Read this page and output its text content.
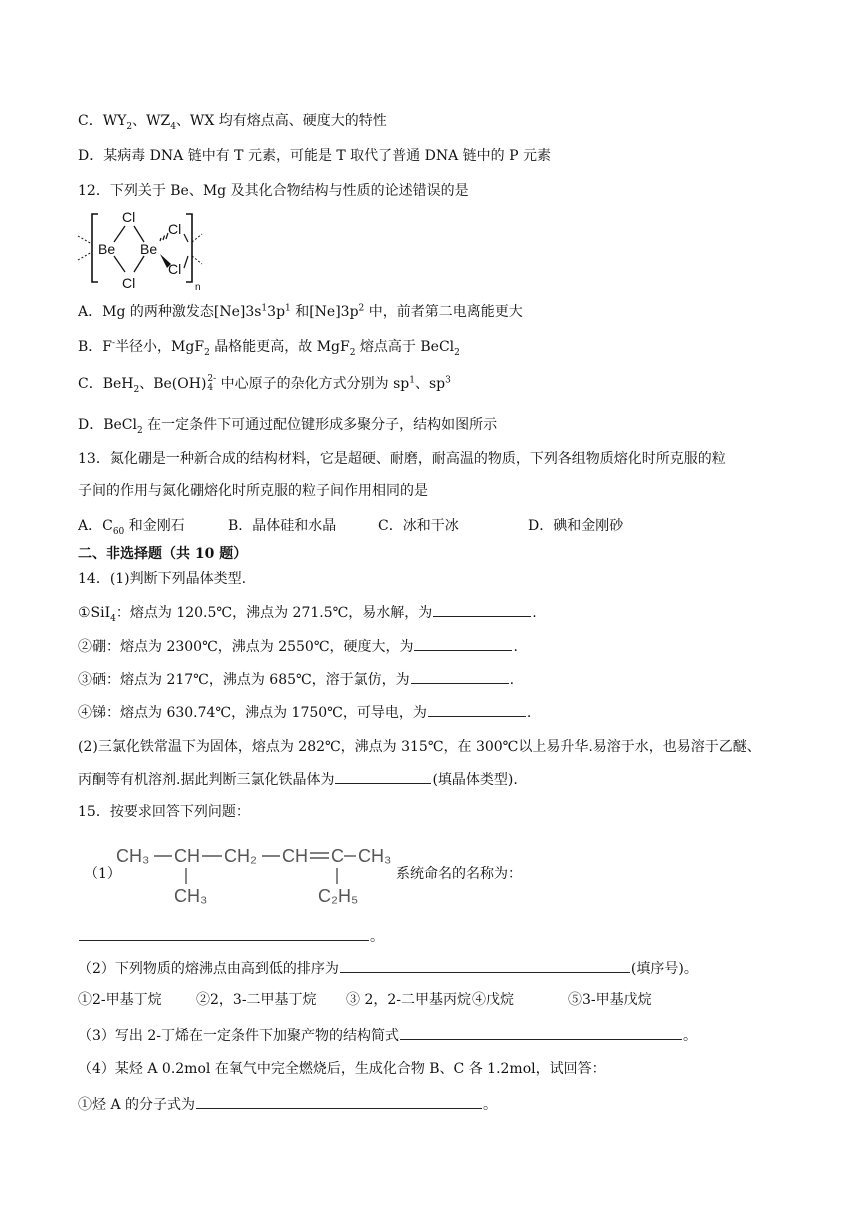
C．$WY_2$、$WZ_4$、WX 均有熔点高、硬度大的特性
D．某病毒 DNA 链中有 T 元素，可能是 T 取代了普通 DNA 链中的 P 元素
12．下列关于 Be、Mg 及其化合物结构与性质的论述错误的是
Be Be
Cl
Cl
Cl
Cl
n
A．Mg 的两种激发态$[Ne]3s^13p^1$ 和$[Ne]3p^2$ 中，前者第二电离能更大
B．F-半径小，MgF$_2$ 晶格能更高，故 MgF$_2$ 熔点高于 BeCl$_2$
C．BeH$_2$、Be(OH) 2-
4 中心原子的杂化方式分别为 $sp^1$、$sp^3$
D．BeCl$_2$ 在一定条件下可通过配位键形成多聚分子，结构如图所示
13．氮化硼是一种新合成的结构材料，它是超硬、耐磨，耐高温的物质，下列各组物质熔化时所克服的粒
子间的作用与氮化硼熔化时所克服的粒子间作用相同的是
A．$C_{60}$ 和金刚石	B．晶体硅和水晶	C．冰和干冰	D．碘和金刚砂
二、非选择题（共 10 题）
14．(1)判断下列晶体类型.
①SiI$_4$：熔点为 120.5℃，沸点为 271.5℃，易水解，为	.
②硼：熔点为 2300℃，沸点为 2550℃，硬度大，为	.
③硒：熔点为 217℃，沸点为 685℃，溶于氯仿，为	.
④锑：熔点为 630.74℃，沸点为 1750℃，可导电，为	.
(2)三氯化铁常温下为固体，熔点为 282℃，沸点为 315℃，在 300℃以上易升华.易溶于水，也易溶于乙醚、
丙酮等有机溶剂.据此判断三氯化铁晶体为	(填晶体类型).
15．按要求回答下列问题：
（1）
CH₃ CH CH₂ CH C CH₃
CH₃	C₂H₅
系统命名的名称为：
。
（2）下列物质的熔沸点由高到低的排序为	(填序号)。
①2-甲基丁烷 ②2，3-二甲基丁烷 ③ 2，2-二甲基丙烷④戊烷	⑤3-甲基戊烷
（3）写出 2-丁烯在一定条件下加聚产物的结构简式	。
（4）某烃 A 0.2mol 在氧气中完全燃烧后，生成化合物 B、C 各 1.2mol，试回答：
①烃 A 的分子式为	。
